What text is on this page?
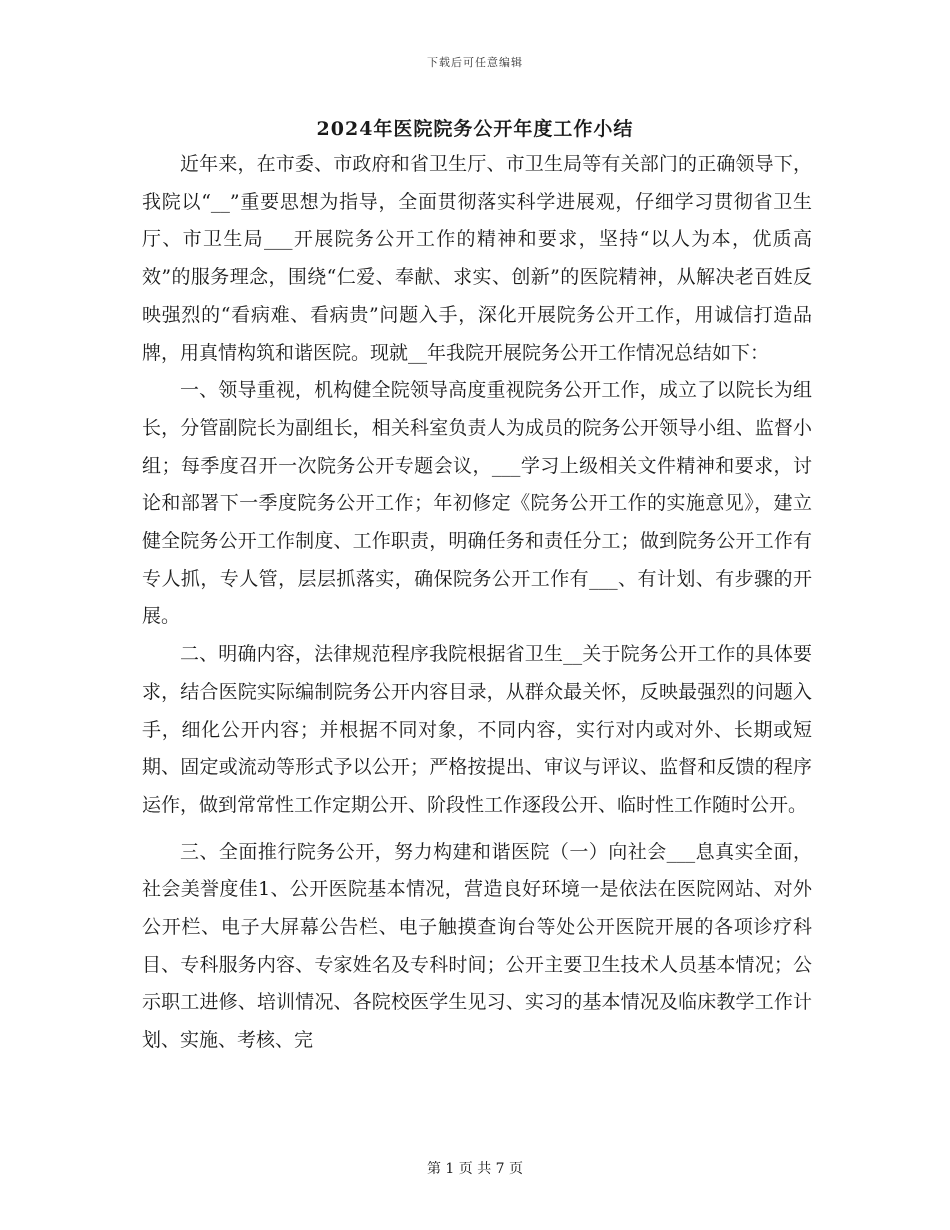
下载后可任意编辑
2024年医院院务公开年度工作小结

近年来，在市委、市政府和省卫生厅、市卫生局等有关部门的正确领导下，我院以“__”重要思想为指导，全面贯彻落实科学进展观，仔细学习贯彻省卫生厅、市卫生局___开展院务公开工作的精神和要求，坚持“以人为本，优质高效”的服务理念，围绕“仁爱、奉献、求实、创新”的医院精神，从解决老百姓反映强烈的“看病难、看病贵”问题入手，深化开展院务公开工作，用诚信打造品牌，用真情构筑和谐医院。现就__年我院开展院务公开工作情况总结如下：

一、领导重视，机构健全院领导高度重视院务公开工作，成立了以院长为组长，分管副院长为副组长，相关科室负责人为成员的院务公开领导小组、监督小组；每季度召开一次院务公开专题会议，___学习上级相关文件精神和要求，讨论和部署下一季度院务公开工作；年初修定《院务公开工作的实施意见》，建立健全院务公开工作制度、工作职责，明确任务和责任分工；做到院务公开工作有专人抓，专人管，层层抓落实，确保院务公开工作有___、有计划、有步骤的开展。

二、明确内容，法律规范程序我院根据省卫生__关于院务公开工作的具体要求，结合医院实际编制院务公开内容目录，从群众最关怀，反映最强烈的问题入手，细化公开内容；并根据不同对象，不同内容，实行对内或对外、长期或短期、固定或流动等形式予以公开；严格按提出、审议与评议、监督和反馈的程序运作，做到常常性工作定期公开、阶段性工作逐段公开、临时性工作随时公开。

三、全面推行院务公开，努力构建和谐医院（一）向社会___息真实全面，社会美誉度佳1、公开医院基本情况，营造良好环境一是依法在医院网站、对外公开栏、电子大屏幕公告栏、电子触摸查询台等处公开医院开展的各项诊疗科目、专科服务内容、专家姓名及专科时间；公开主要卫生技术人员基本情况；公示职工进修、培训情况、各院校医学生见习、实习的基本情况及临床教学工作计划、实施、考核、完

第 1 页 共 7 页
